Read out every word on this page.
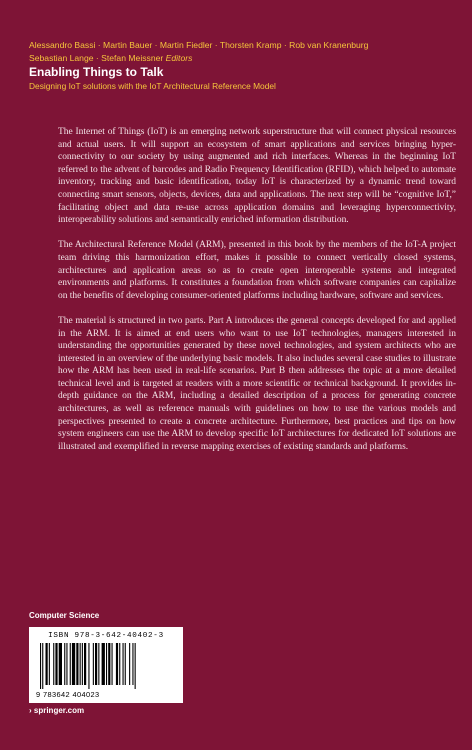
Alessandro Bassi · Martin Bauer · Martin Fiedler · Thorsten Kramp · Rob van Kranenburg
Sebastian Lange · Stefan Meissner Editors
Enabling Things to Talk
Designing IoT solutions with the IoT Architectural Reference Model

The Internet of Things (IoT) is an emerging network superstructure that will connect physical resources and actual users. It will support an ecosystem of smart applications and services bringing hyper-connectivity to our society by using augmented and rich interfaces. Whereas in the beginning IoT referred to the advent of barcodes and Radio Frequency Identification (RFID), which helped to automate inventory, tracking and basic identification, today IoT is characterized by a dynamic trend toward connecting smart sensors, objects, devices, data and applications. The next step will be “cognitive IoT,” facilitating object and data re-use across application domains and leveraging hyperconnectivity, interoperability solutions and semantically enriched information distribution.

The Architectural Reference Model (ARM), presented in this book by the members of the IoT-A project team driving this harmonization effort, makes it possible to connect vertically closed systems, architectures and application areas so as to create open interoperable systems and integrated environments and platforms. It constitutes a foundation from which software companies can capitalize on the benefits of developing consumer-oriented platforms including hardware, software and services.

The material is structured in two parts. Part A introduces the general concepts developed for and applied in the ARM. It is aimed at end users who want to use IoT technologies, managers interested in understanding the opportunities generated by these novel technologies, and system architects who are interested in an overview of the underlying basic models. It also includes several case studies to illustrate how the ARM has been used in real-life scenarios. Part B then addresses the topic at a more detailed technical level and is targeted at readers with a more scientific or technical background. It provides in-depth guidance on the ARM, including a detailed description of a process for generating concrete architectures, as well as reference manuals with guidelines on how to use the various models and perspectives presented to create a concrete architecture. Furthermore, best practices and tips on how system engineers can use the ARM to develop specific IoT architectures for dedicated IoT solutions are illustrated and exemplified in reverse mapping exercises of existing standards and platforms.

Computer Science
ISBN 978-3-642-40402-3
9 783642 404023
› springer.com
